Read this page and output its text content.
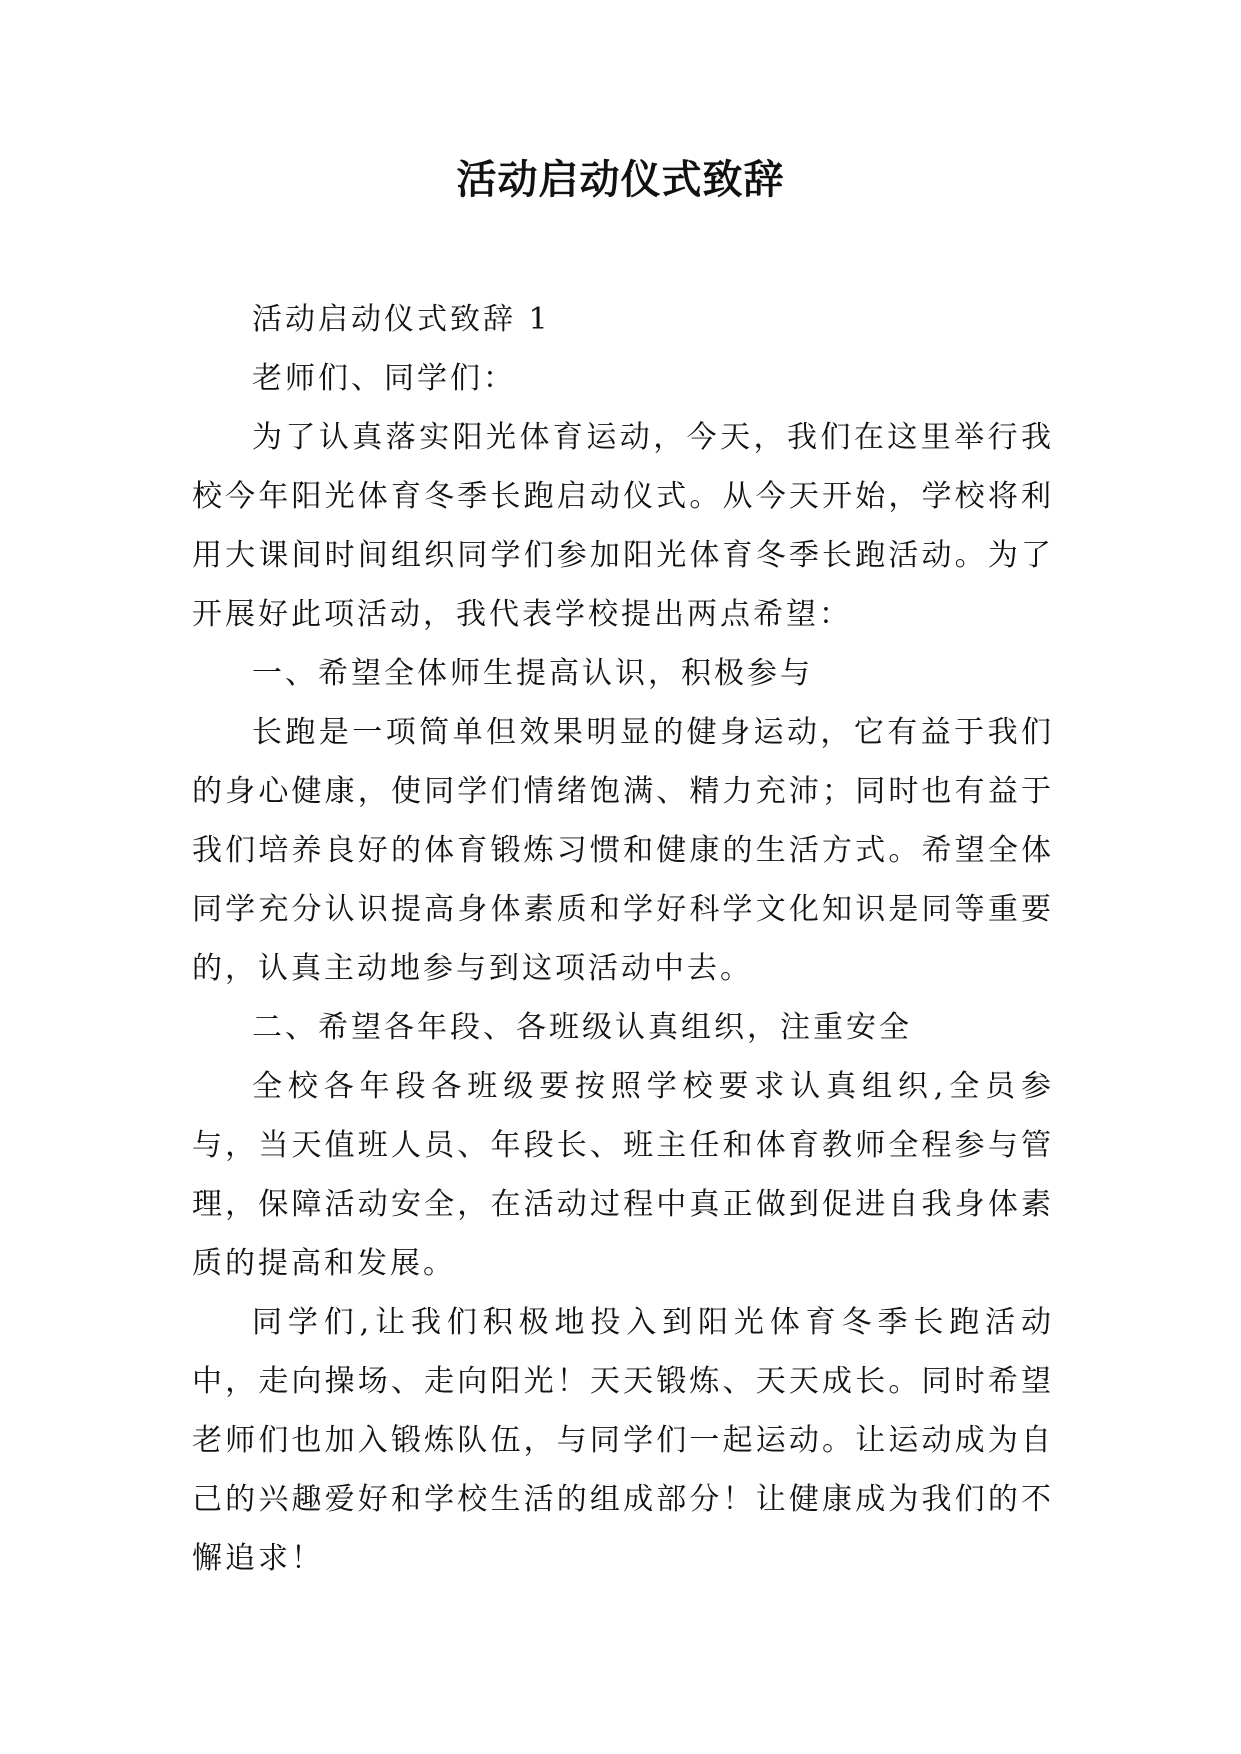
活动启动仪式致辞

活动启动仪式致辞 1

老师们、同学们：

为了认真落实阳光体育运动，今天，我们在这里举行我校今年阳光体育冬季长跑启动仪式。从今天开始，学校将利用大课间时间组织同学们参加阳光体育冬季长跑活动。为了开展好此项活动，我代表学校提出两点希望：

一、希望全体师生提高认识，积极参与

长跑是一项简单但效果明显的健身运动，它有益于我们的身心健康，使同学们情绪饱满、精力充沛；同时也有益于我们培养良好的体育锻炼习惯和健康的生活方式。希望全体同学充分认识提高身体素质和学好科学文化知识是同等重要的，认真主动地参与到这项活动中去。

二、希望各年段、各班级认真组织，注重安全

全校各年段各班级要按照学校要求认真组织,全员参与，当天值班人员、年段长、班主任和体育教师全程参与管理，保障活动安全，在活动过程中真正做到促进自我身体素质的提高和发展。

同学们,让我们积极地投入到阳光体育冬季长跑活动中，走向操场、走向阳光！天天锻炼、天天成长。同时希望老师们也加入锻炼队伍，与同学们一起运动。让运动成为自己的兴趣爱好和学校生活的组成部分！让健康成为我们的不懈追求！
